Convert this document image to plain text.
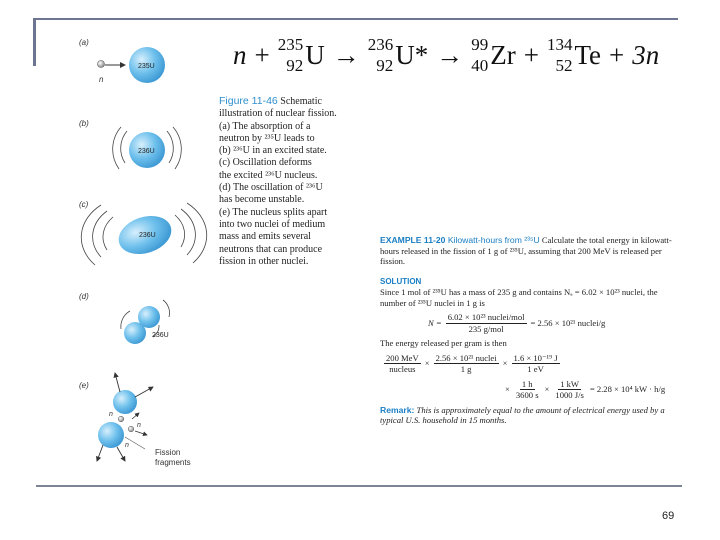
n + 235
92 U → 236
92 U* → 99
40 Zr + 134
52 Te + 3n
(a)
(b)
(c)
(d)
(e)
n
235U
236U
236U
236U
n
n
n
Fission
fragments
Figure 11-46 Schematic
illustration of nuclear fission.
(a) The absorption of a
neutron by ²³⁵U leads to
(b) ²³⁶U in an excited state.
(c) Oscillation deforms
the excited ²³⁶U nucleus.
(d) The oscillation of ²³⁶U
has become unstable.
(e) The nucleus splits apart
into two nuclei of medium
mass and emits several
neutrons that can produce
fission in other nuclei.
EXAMPLE 11-20 Kilowatt-hours from ²³⁵U Calculate the total energy in kilowatt-hours released in the fission of 1 g of ²³⁵U, assuming that 200 MeV is released per fission.
SOLUTION
Since 1 mol of ²³⁵U has a mass of 235 g and contains Nₐ = 6.02 × 10²³ nuclei, the number of ²³⁵U nuclei in 1 g is
$N = \frac{\text{6.02 × 10²³ nuclei/mol}}{\text{235 g/mol}} = 2.56 \times 10^{21}$ nuclei/g
The energy released per gram is then
$\frac{\text{200 MeV}}{\text{nucleus}} \times \frac{\text{2.56 × 10²¹ nuclei}}{1 g} \times \frac{\text{1.6 × 10⁻¹⁹ J}}{1 eV}$
× $\frac{1 h}{3600 s} \times \frac{1 kW}{1000 J/s} = 2.28 \times 10^4$ kW · h/g
Remark: This is approximately equal to the amount of electrical energy used by a typical U.S. household in 15 months.
69
